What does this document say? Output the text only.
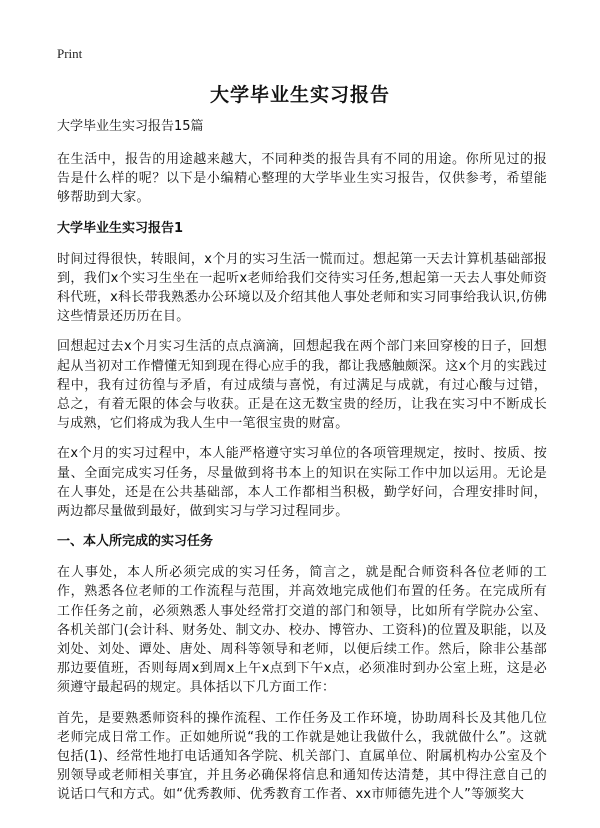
Print
大学毕业生实习报告
大学毕业生实习报告15篇

在生活中，报告的用途越来越大，不同种类的报告具有不同的用途。你所见过的报告是什么样的呢？以下是小编精心整理的大学毕业生实习报告，仅供参考，希望能够帮助到大家。

大学毕业生实习报告1

时间过得很快，转眼间，x个月的实习生活一慌而过。想起第一天去计算机基础部报到，我们x个实习生坐在一起听x老师给我们交待实习任务,想起第一天去人事处师资科代班，x科长带我熟悉办公环境以及介绍其他人事处老师和实习同事给我认识,仿佛这些情景还历历在目。

回想起过去x个月实习生活的点点滴滴，回想起我在两个部门来回穿梭的日子，回想起从当初对工作懵懂无知到现在得心应手的我，都让我感触颇深。这x个月的实践过程中，我有过彷徨与矛盾，有过成绩与喜悦，有过满足与成就，有过心酸与过错，总之，有着无限的体会与收获。正是在这无数宝贵的经历，让我在实习中不断成长与成熟，它们将成为我人生中一笔很宝贵的财富。

在x个月的实习过程中，本人能严格遵守实习单位的各项管理规定，按时、按质、按量、全面完成实习任务，尽量做到将书本上的知识在实际工作中加以运用。无论是在人事处，还是在公共基础部，本人工作都相当积极，勤学好问，合理安排时间，两边都尽量做到最好，做到实习与学习过程同步。

一、本人所完成的实习任务

在人事处，本人所必须完成的实习任务，简言之，就是配合师资科各位老师的工作，熟悉各位老师的工作流程与范围，并高效地完成他们布置的任务。在完成所有工作任务之前，必须熟悉人事处经常打交道的部门和领导，比如所有学院办公室、各机关部门(会计科、财务处、制文办、校办、博管办、工资科)的位置及职能，以及刘处、刘处、谭处、唐处、周科等领导和老师，以便后续工作。然后，除非公基部那边要值班，否则每周x到周x上午x点到下午x点，必须准时到办公室上班，这是必须遵守最起码的规定。具体括以下几方面工作：

首先，是要熟悉师资科的操作流程、工作任务及工作环境，协助周科长及其他几位老师完成日常工作。正如她所说“我的工作就是她让我做什么，我就做什么”。这就包括(1)、经常性地打电话通知各学院、机关部门、直属单位、附属机构办公室及个别领导或老师相关事宜，并且务必确保将信息和通知传达清楚，其中得注意自己的说话口气和方式。如“优秀教师、优秀教育工作者、xx市师德先进个人”等颁奖大
